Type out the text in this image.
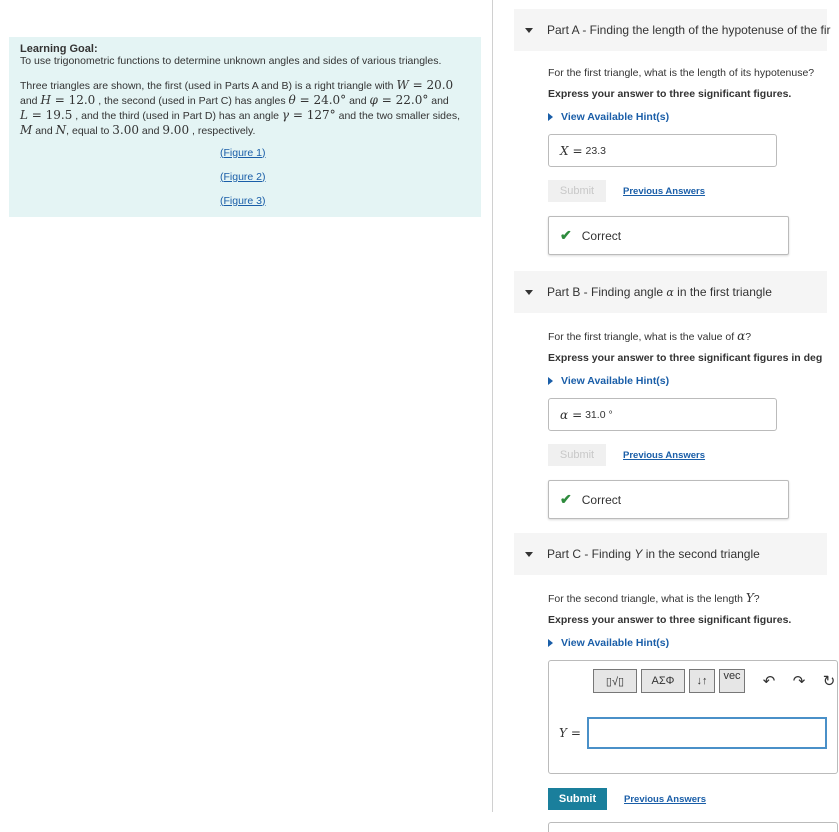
Learning Goal:
To use trigonometric functions to determine unknown angles and sides of various triangles.
Three triangles are shown, the first (used in Parts A and B) is a right triangle with W = 20.0
and H = 12.0 , the second (used in Part C) has angles θ = 24.0° and φ = 22.0° and
L = 19.5 , and the third (used in Part D) has an angle γ = 127° and the two smaller sides,
M and N, equal to 3.00 and 9.00 , respectively.
(Figure 1)
(Figure 2)
(Figure 3)
Part A - Finding the length of the hypotenuse of the fir
For the first triangle, what is the length of its hypotenuse?
Express your answer to three significant figures.
View Available Hint(s)
X =
23.3
Submit	Previous Answers
✔ Correct
Part B - Finding angle α in the first triangle
For the first triangle, what is the value of α?
Express your answer to three significant figures in deg
View Available Hint(s)
α =
31.0
°
Submit	Previous Answers
✔ Correct
Part C - Finding Y in the second triangle
For the second triangle, what is the length Y?
Express your answer to three significant figures.
View Available Hint(s)
▯√▯	ΑΣΦ	↓↑	vec ↶ ↷ ↻
Y =
Submit	Previous Answers
